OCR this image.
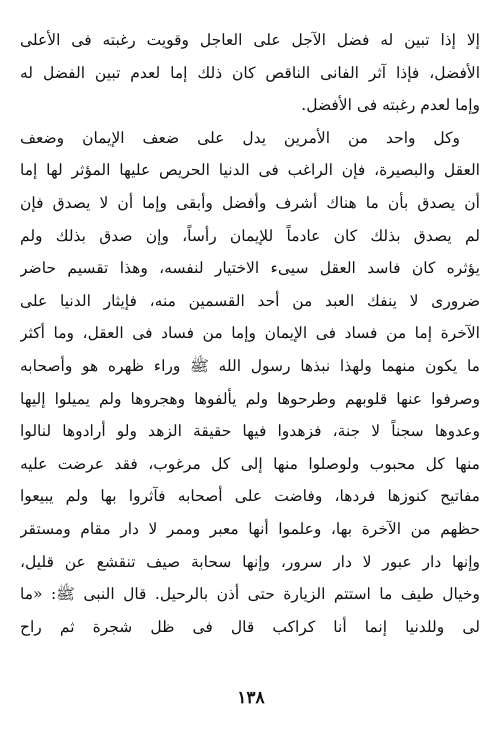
إلا إذا تبين له فضل الآجل على العاجل وقويت رغبته فى الأعلى
الأفضل، فإذا آثر الفانى الناقص كان ذلك إما لعدم تبين الفضل له
وإما لعدم رغبته فى الأفضل.
وكل واحد من الأمرين يدل على ضعف الإيمان وضعف
العقل والبصيرة، فإن الراغب فى الدنيا الحريص عليها المؤثر لها إما
أن يصدق بأن ما هناك أشرف وأفضل وأبقى وإما أن لا يصدق فإن
لم يصدق بذلك كان عادماً للإيمان رأساً، وإن صدق بذلك ولم
يؤثره كان فاسد العقل سيىء الاختيار لنفسه، وهذا تقسيم حاضر
ضرورى لا ينفك العبد من أحد القسمين منه، فإيثار الدنيا على
الآخرة إما من فساد فى الإيمان وإما من فساد فى العقل، وما أكثر
ما يكون منهما ولهذا نبذها رسول الله ﷺ وراء ظهره هو وأصحابه
وصرفوا عنها قلوبهم وطرحوها ولم يألفوها وهجروها ولم يميلوا إليها
وعدوها سجناً لا جنة، فزهدوا فيها حقيقة الزهد ولو أرادوها لنالوا
منها كل محبوب ولوصلوا منها إلى كل مرغوب، فقد عرضت عليه
مفاتيح كنوزها فردها، وفاضت على أصحابه فآثروا بها ولم يبيعوا
حظهم من الآخرة بها، وعلموا أنها معبر وممر لا دار مقام ومستقر
وإنها دار عبور لا دار سرور، وإنها سحابة صيف تنقشع عن قليل،
وخيال طيف ما استتم الزيارة حتى أذن بالرحيل. قال النبى ﷺ: «ما
لى وللدنيا إنما أنا كراكب قال فى ظل شجرة ثم راح
١٣٨
